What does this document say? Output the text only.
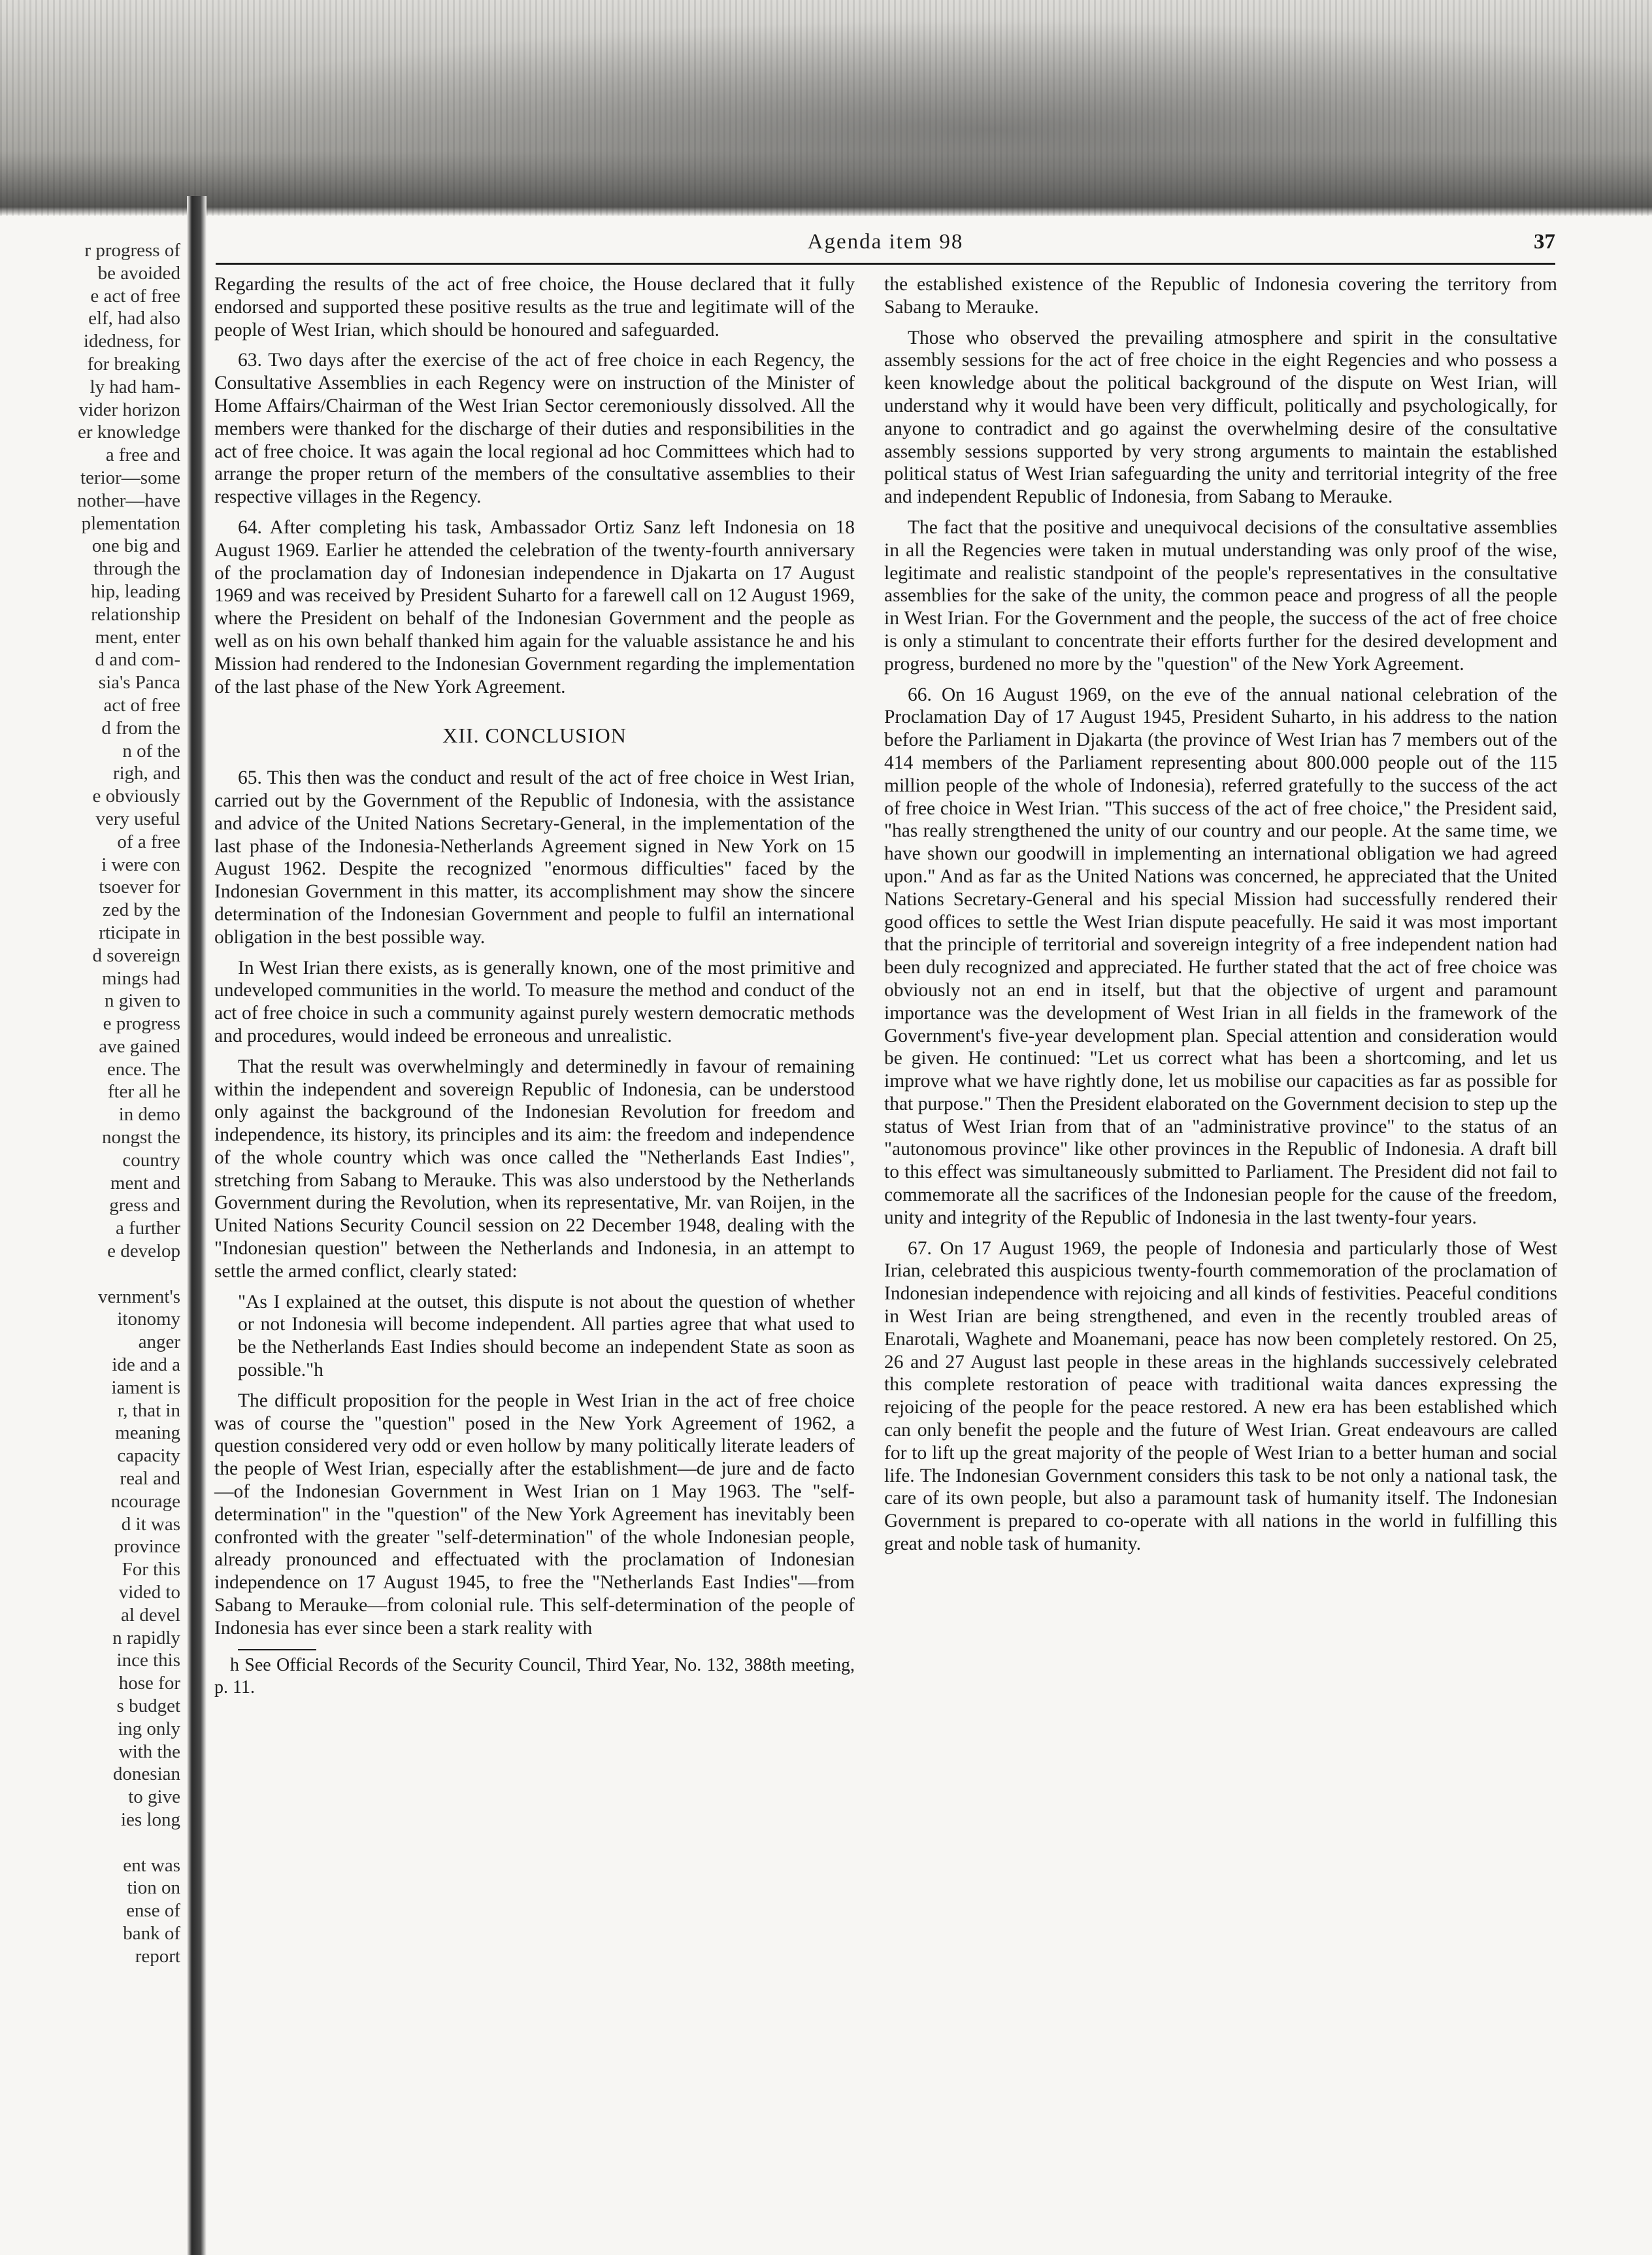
Agenda item 98	37
r progress of
be avoided
e act of free
elf, had also
idedness, for
for breaking
ly had ham-
vider horizon
er knowledge
a free and
terior—some
nother—have
plementation
one big and
through the
hip, leading
relationship
ment, enter
d and com-
sia's Panca
act of free
d from the
n of the
righ, and
e obviously
very useful
of a free
i were con
tsoever for
zed by the
rticipate in
d sovereign
mings had
n given to
e progress
ave gained
ence. The
fter all he
in demo
nongst the
country
ment and
gress and
a further
e develop
vernment's
itonomy
anger
ide and a
iament is
r, that in
meaning
capacity
real and
ncourage
d it was
province
For this
vided to
al devel
n rapidly
ince this
hose for
s budget
ing only
with the
donesian
to give
ies long
ent was
tion on
ense of
bank of
report

Regarding the results of the act of free choice, the House declared that it fully endorsed and supported these positive results as the true and legitimate will of the people of West Irian, which should be honoured and safeguarded.

63. Two days after the exercise of the act of free choice in each Regency, the Consultative Assemblies in each Regency were on instruction of the Minister of Home Affairs/Chairman of the West Irian Sector ceremoniously dissolved. All the members were thanked for the discharge of their duties and responsibilities in the act of free choice. It was again the local regional ad hoc Committees which had to arrange the proper return of the members of the consultative assemblies to their respective villages in the Regency.

64. After completing his task, Ambassador Ortiz Sanz left Indonesia on 18 August 1969. Earlier he attended the celebration of the twenty-fourth anniversary of the proclamation day of Indonesian independence in Djakarta on 17 August 1969 and was received by President Suharto for a farewell call on 12 August 1969, where the President on behalf of the Indonesian Government and the people as well as on his own behalf thanked him again for the valuable assistance he and his Mission had rendered to the Indonesian Government regarding the implementation of the last phase of the New York Agreement.

XII. CONCLUSION

65. This then was the conduct and result of the act of free choice in West Irian, carried out by the Government of the Republic of Indonesia, with the assistance and advice of the United Nations Secretary-General, in the implementation of the last phase of the Indonesia-Netherlands Agreement signed in New York on 15 August 1962. Despite the recognized "enormous difficulties" faced by the Indonesian Government in this matter, its accomplishment may show the sincere determination of the Indonesian Government and people to fulfil an international obligation in the best possible way.

In West Irian there exists, as is generally known, one of the most primitive and undeveloped communities in the world. To measure the method and conduct of the act of free choice in such a community against purely western democratic methods and procedures, would indeed be erroneous and unrealistic.

That the result was overwhelmingly and determinedly in favour of remaining within the independent and sovereign Republic of Indonesia, can be understood only against the background of the Indonesian Revolution for freedom and independence, its history, its principles and its aim: the freedom and independence of the whole country which was once called the "Netherlands East Indies", stretching from Sabang to Merauke. This was also understood by the Netherlands Government during the Revolution, when its representative, Mr. van Roijen, in the United Nations Security Council session on 22 December 1948, dealing with the "Indonesian question" between the Netherlands and Indonesia, in an attempt to settle the armed conflict, clearly stated:

"As I explained at the outset, this dispute is not about the question of whether or not Indonesia will become independent. All parties agree that what used to be the Netherlands East Indies should become an independent State as soon as possible."h

The difficult proposition for the people in West Irian in the act of free choice was of course the "question" posed in the New York Agreement of 1962, a question considered very odd or even hollow by many politically literate leaders of the people of West Irian, especially after the establishment—de jure and de facto—of the Indonesian Government in West Irian on 1 May 1963. The "self-determination" in the "question" of the New York Agreement has inevitably been confronted with the greater "self-determination" of the whole Indonesian people, already pronounced and effectuated with the proclamation of Indonesian independence on 17 August 1945, to free the "Netherlands East Indies"—from Sabang to Merauke—from colonial rule. This self-determination of the people of Indonesia has ever since been a stark reality with

h See Official Records of the Security Council, Third Year, No. 132, 388th meeting, p. 11.

the established existence of the Republic of Indonesia covering the territory from Sabang to Merauke.

Those who observed the prevailing atmosphere and spirit in the consultative assembly sessions for the act of free choice in the eight Regencies and who possess a keen knowledge about the political background of the dispute on West Irian, will understand why it would have been very difficult, politically and psychologically, for anyone to contradict and go against the overwhelming desire of the consultative assembly sessions supported by very strong arguments to maintain the established political status of West Irian safeguarding the unity and territorial integrity of the free and independent Republic of Indonesia, from Sabang to Merauke.

The fact that the positive and unequivocal decisions of the consultative assemblies in all the Regencies were taken in mutual understanding was only proof of the wise, legitimate and realistic standpoint of the people's representatives in the consultative assemblies for the sake of the unity, the common peace and progress of all the people in West Irian. For the Government and the people, the success of the act of free choice is only a stimulant to concentrate their efforts further for the desired development and progress, burdened no more by the "question" of the New York Agreement.

66. On 16 August 1969, on the eve of the annual national celebration of the Proclamation Day of 17 August 1945, President Suharto, in his address to the nation before the Parliament in Djakarta (the province of West Irian has 7 members out of the 414 members of the Parliament representing about 800.000 people out of the 115 million people of the whole of Indonesia), referred gratefully to the success of the act of free choice in West Irian. "This success of the act of free choice," the President said, "has really strengthened the unity of our country and our people. At the same time, we have shown our goodwill in implementing an international obligation we had agreed upon." And as far as the United Nations was concerned, he appreciated that the United Nations Secretary-General and his special Mission had successfully rendered their good offices to settle the West Irian dispute peacefully. He said it was most important that the principle of territorial and sovereign integrity of a free independent nation had been duly recognized and appreciated. He further stated that the act of free choice was obviously not an end in itself, but that the objective of urgent and paramount importance was the development of West Irian in all fields in the framework of the Government's five-year development plan. Special attention and consideration would be given. He continued: "Let us correct what has been a shortcoming, and let us improve what we have rightly done, let us mobilise our capacities as far as possible for that purpose." Then the President elaborated on the Government decision to step up the status of West Irian from that of an "administrative province" to the status of an "autonomous province" like other provinces in the Republic of Indonesia. A draft bill to this effect was simultaneously submitted to Parliament. The President did not fail to commemorate all the sacrifices of the Indonesian people for the cause of the freedom, unity and integrity of the Republic of Indonesia in the last twenty-four years.

67. On 17 August 1969, the people of Indonesia and particularly those of West Irian, celebrated this auspicious twenty-fourth commemoration of the proclamation of Indonesian independence with rejoicing and all kinds of festivities. Peaceful conditions in West Irian are being strengthened, and even in the recently troubled areas of Enarotali, Waghete and Moanemani, peace has now been completely restored. On 25, 26 and 27 August last people in these areas in the highlands successively celebrated this complete restoration of peace with traditional waita dances expressing the rejoicing of the people for the peace restored. A new era has been established which can only benefit the people and the future of West Irian. Great endeavours are called for to lift up the great majority of the people of West Irian to a better human and social life. The Indonesian Government considers this task to be not only a national task, the care of its own people, but also a paramount task of humanity itself. The Indonesian Government is prepared to co-operate with all nations in the world in fulfilling this great and noble task of humanity.
